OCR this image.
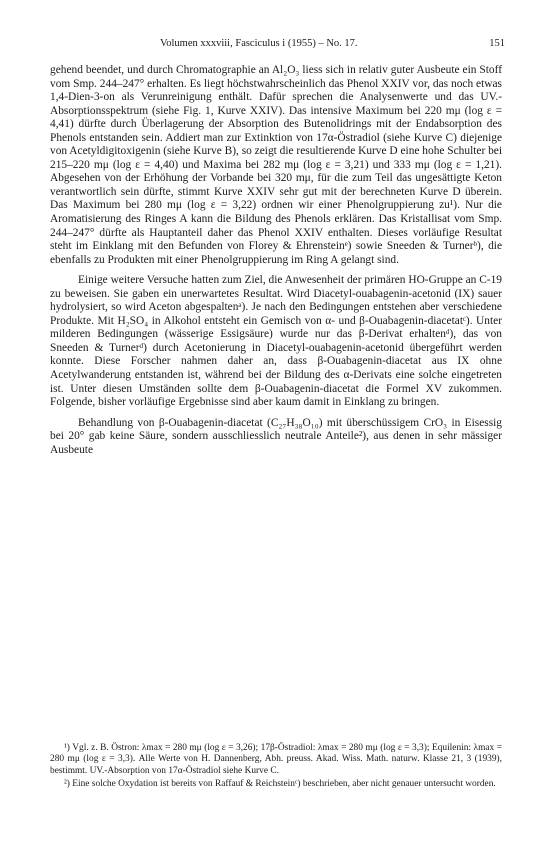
Volumen xxxviii, Fasciculus i (1955) – No. 17.	151

gehend beendet, und durch Chromatographie an Al₂O₃ liess sich in relativ guter Ausbeute ein Stoff vom Smp. 244–247° erhalten. Es liegt höchstwahrscheinlich das Phenol XXIV vor, das noch etwas 1,4-Dien-3-on als Verunreinigung enthält. Dafür sprechen die Analysenwerte und das UV.-Absorptionsspektrum (siehe Fig. 1, Kurve XXIV). Das intensive Maximum bei 220 mμ (log ε = 4,41) dürfte durch Überlagerung der Absorption des Butenolidrings mit der Endabsorption des Phenols entstanden sein. Addiert man zur Extinktion von 17α-Östradiol (siehe Kurve C) diejenige von Acetyldigitoxigenin (siehe Kurve B), so zeigt die resultierende Kurve D eine hohe Schulter bei 215–220 mμ (log ε = 4,40) und Maxima bei 282 mμ (log ε = 3,21) und 333 mμ (log ε = 1,21). Abgesehen von der Erhöhung der Vorbande bei 320 mμ, für die zum Teil das ungesättigte Keton verantwortlich sein dürfte, stimmt Kurve XXIV sehr gut mit der berechneten Kurve D überein. Das Maximum bei 280 mμ (log ε = 3,22) ordnen wir einer Phenolgruppierung zu¹). Nur die Aromatisierung des Ringes A kann die Bildung des Phenols erklären. Das Kristallisat vom Smp. 244–247° dürfte als Hauptanteil daher das Phenol XXIV enthalten. Dieses vorläufige Resultat steht im Einklang mit den Befunden von Florey & Ehrensteinᵉ) sowie Sneeden & Turnerᵇ), die ebenfalls zu Produkten mit einer Phenolgruppierung im Ring A gelangt sind.

Einige weitere Versuche hatten zum Ziel, die Anwesenheit der primären HO-Gruppe an C-19 zu beweisen. Sie gaben ein unerwartetes Resultat. Wird Diacetyl-ouabagenin-acetonid (IX) sauer hydrolysiert, so wird Aceton abgespaltenᵃ). Je nach den Bedingungen entstehen aber verschiedene Produkte. Mit H₂SO₄ in Alkohol entsteht ein Gemisch von α- und β-Ouabagenin-diacetatᶜ). Unter milderen Bedingungen (wässerige Essigsäure) wurde nur das β-Derivat erhaltenᵈ), das von Sneeden & Turnerᵈ) durch Acetonierung in Diacetyl-ouabagenin-acetonid übergeführt werden konnte. Diese Forscher nahmen daher an, dass β-Ouabagenin-diacetat aus IX ohne Acetylwanderung entstanden ist, während bei der Bildung des α-Derivats eine solche eingetreten ist. Unter diesen Umständen sollte dem β-Ouabagenin-diacetat die Formel XV zukommen. Folgende, bisher vorläufige Ergebnisse sind aber kaum damit in Einklang zu bringen.

Behandlung von β-Ouabagenin-diacetat (C₂₇H₃₈O₁₀) mit überschüssigem CrO₃ in Eisessig bei 20° gab keine Säure, sondern ausschliesslich neutrale Anteile²), aus denen in sehr mässiger Ausbeute

¹) Vgl. z. B. Östron: λmax = 280 mμ (log ε = 3,26); 17β-Östradiol: λmax = 280 mμ (log ε = 3,3); Equilenin: λmax = 280 mμ (log ε = 3,3). Alle Werte von H. Dannenberg, Abh. preuss. Akad. Wiss. Math. naturw. Klasse 21, 3 (1939), bestimmt. UV.-Absorption von 17α-Östradiol siehe Kurve C.

²) Eine solche Oxydation ist bereits von Raffauf & Reichsteinᶜ) beschrieben, aber nicht genauer untersucht worden.
